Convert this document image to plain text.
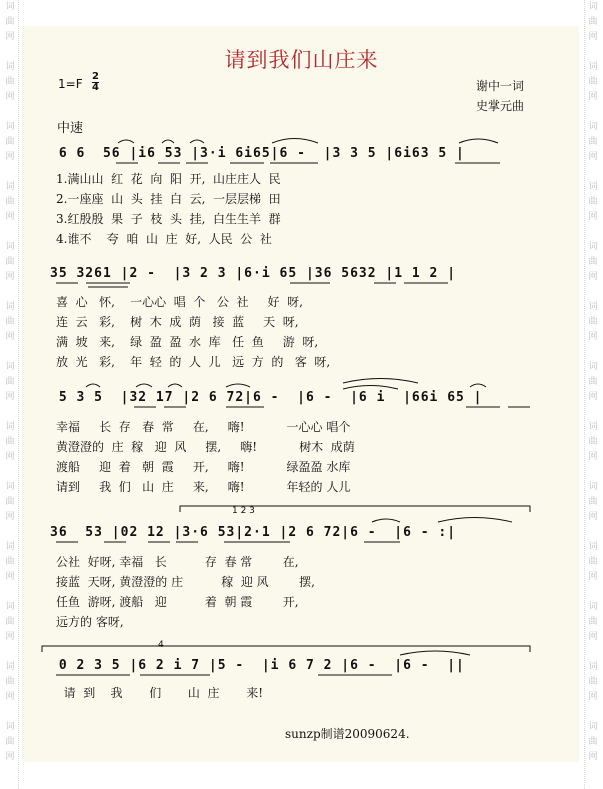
词
曲
网
词
曲
网
词
曲
网
词
曲
网
词
曲
网
词
曲
网
词
曲
网
词
曲
网
词
曲
网
词
曲
网
词
曲
网
词
曲
网
词
曲
网
词
曲
网
词
曲
网
词
曲
网
词
曲
网
词
曲
网
词
曲
网
词
曲
网
词
曲
网
词
曲
网
词
曲
网
词
曲
网
词
曲
网
词
曲
网
请到我们山庄来
1=F
2
4	谢中一词
史掌元曲
中速
6 6  56 |i6 53 |3·i 6i65|6 -  |3 3 5 |6i63 5 |
1.满山山  红  花  向  阳  开,  山庄庄人  民
2.一座座  山  头  挂  白  云,  一层层梯  田
3.红殷殷  果  子  枝  头  挂,  白生生羊  群
4.谁不    夸  咱  山  庄  好,  人民  公  社
35 3261 |2 -  |3 2 3 |6·i 65 |36 5632 |1 1 2 |
喜  心   怀,    一心心  唱  个   公  社     好  呀,
连  云   彩,    树  木  成  荫   接  蓝     天  呀,
满  坡   来,    绿  盈  盈  水  库   任  鱼     游  呀,
放  光   彩,    年  轻  的  人  儿   远  方  的   客  呀,
5 3 5  |32 17 |2 6 72|6 -  |6 -  |6 i  |66i 65 |
幸福     长  存   春  常     在,     嗨!           一心心 唱个
黄澄澄的  庄  稼   迎  风     摆,     嗨!           树木  成荫
渡船     迎  着   朝  霞     开,     嗨!           绿盈盈 水库
请到     我  们   山  庄     来,     嗨!           年轻的 人儿
36  53 |02 12 |3·6 53|2·1 |2 6 72|6 -  |6 - :|
公社  好呀, 幸福   长          存  春 常        在,
接蓝  天呀, 黄澄澄的 庄          稼  迎 风        摆,
任鱼  游呀, 渡船   迎          着  朝 霞        开,
远方的 客呀,
0 2 3 5 |6 2 i 7 |5 -  |i 6 7 2 |6 -  |6 -  ||
请  到    我       们       山  庄       来!
1 2 3
4
sunzp制谱20090624.
